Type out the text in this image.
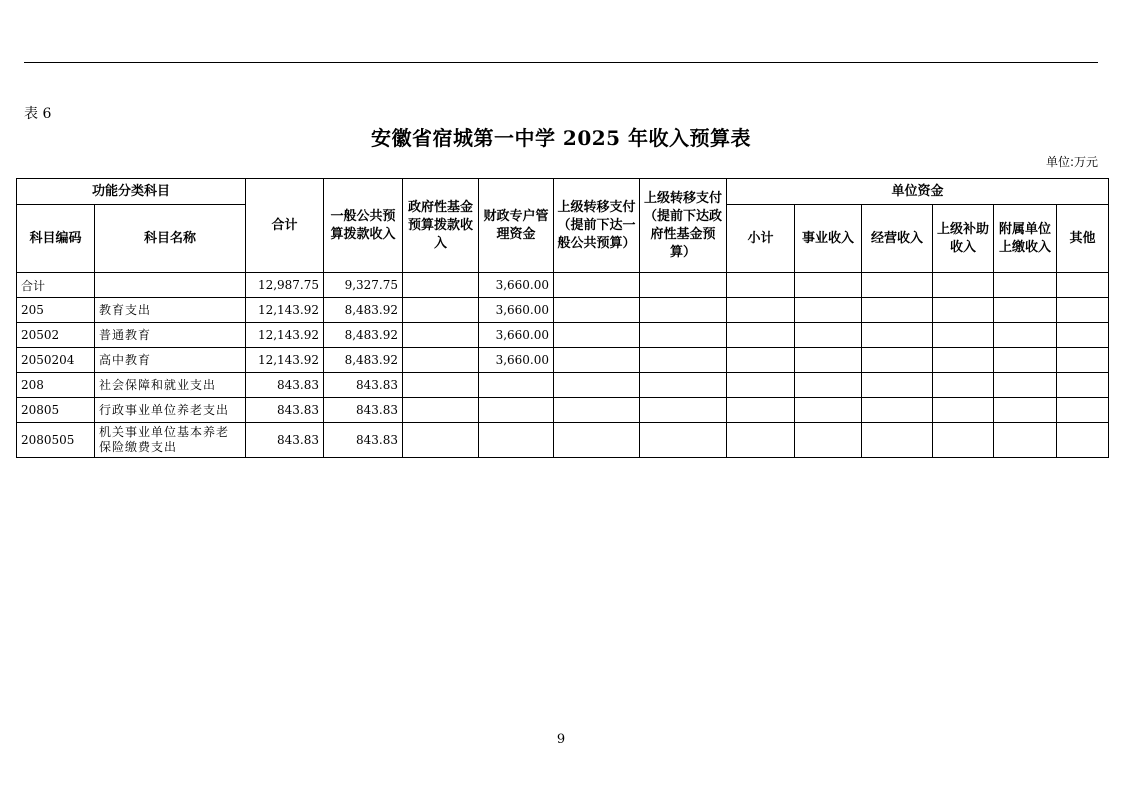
表 6
安徽省宿城第一中学 2025 年收入预算表
单位:万元
功能分类科目		合计	一般公共预算拨款收入	政府性基金预算拨款收入	财政专户管理资金	上级转移支付（提前下达一般公共预算）	上级转移支付（提前下达政府性基金预算）	单位资金					
科目编码	科目名称							小计	事业收入	经营收入	上级补助收入	附属单位上缴收入	其他
合计		12,987.75	9,327.75		3,660.00								
205	教育支出	12,143.92	8,483.92		3,660.00								
20502	普通教育	12,143.92	8,483.92		3,660.00								
2050204	高中教育	12,143.92	8,483.92		3,660.00								
208	社会保障和就业支出	843.83	843.83										
20805	行政事业单位养老支出	843.83	843.83										
2080505	机关事业单位基本养老保险缴费支出	843.83	843.83										
9
